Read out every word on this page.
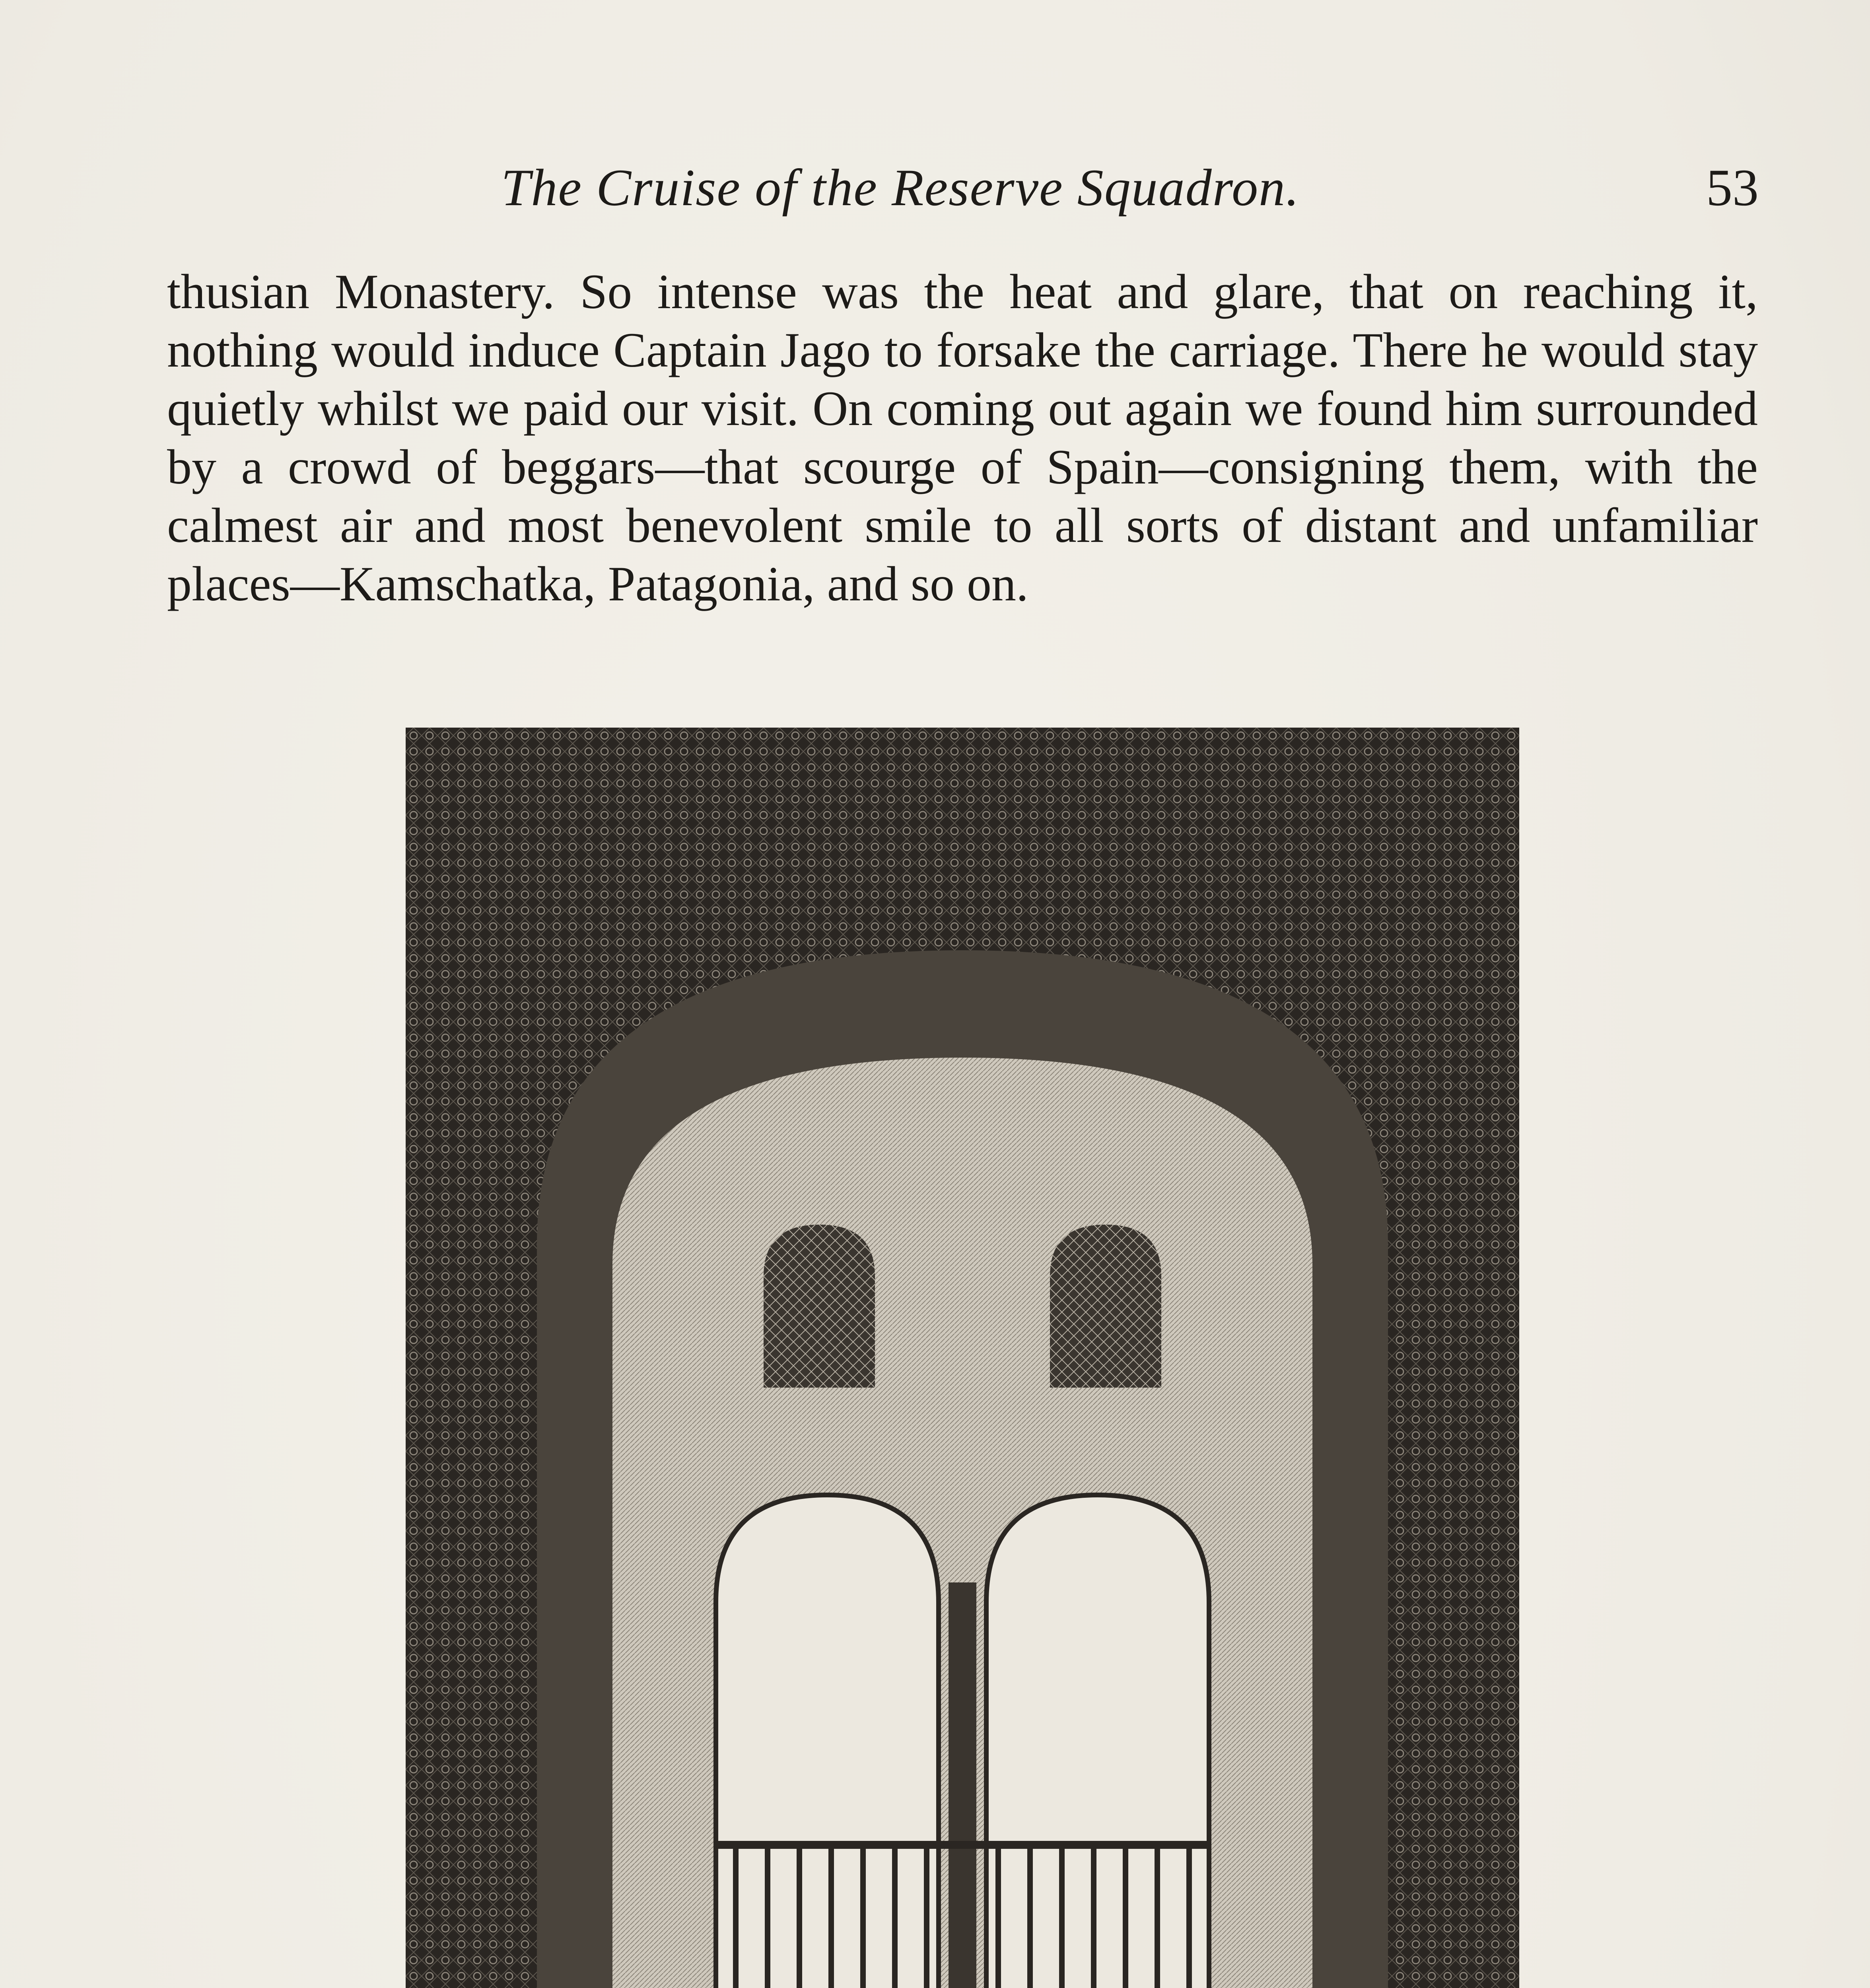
The Cruise of the Reserve Squadron.	53

thusian Monastery. So intense was the heat and glare, that on reaching it, nothing would induce Captain Jago to forsake the carriage. There he would stay quietly whilst we paid our visit. On coming out again we found him surrounded by a crowd of beggars—that scourge of Spain—consigning them, with the calmest air and most benevolent smile to all sorts of distant and unfamiliar places—Kamschatka, Patagonia, and so on.
